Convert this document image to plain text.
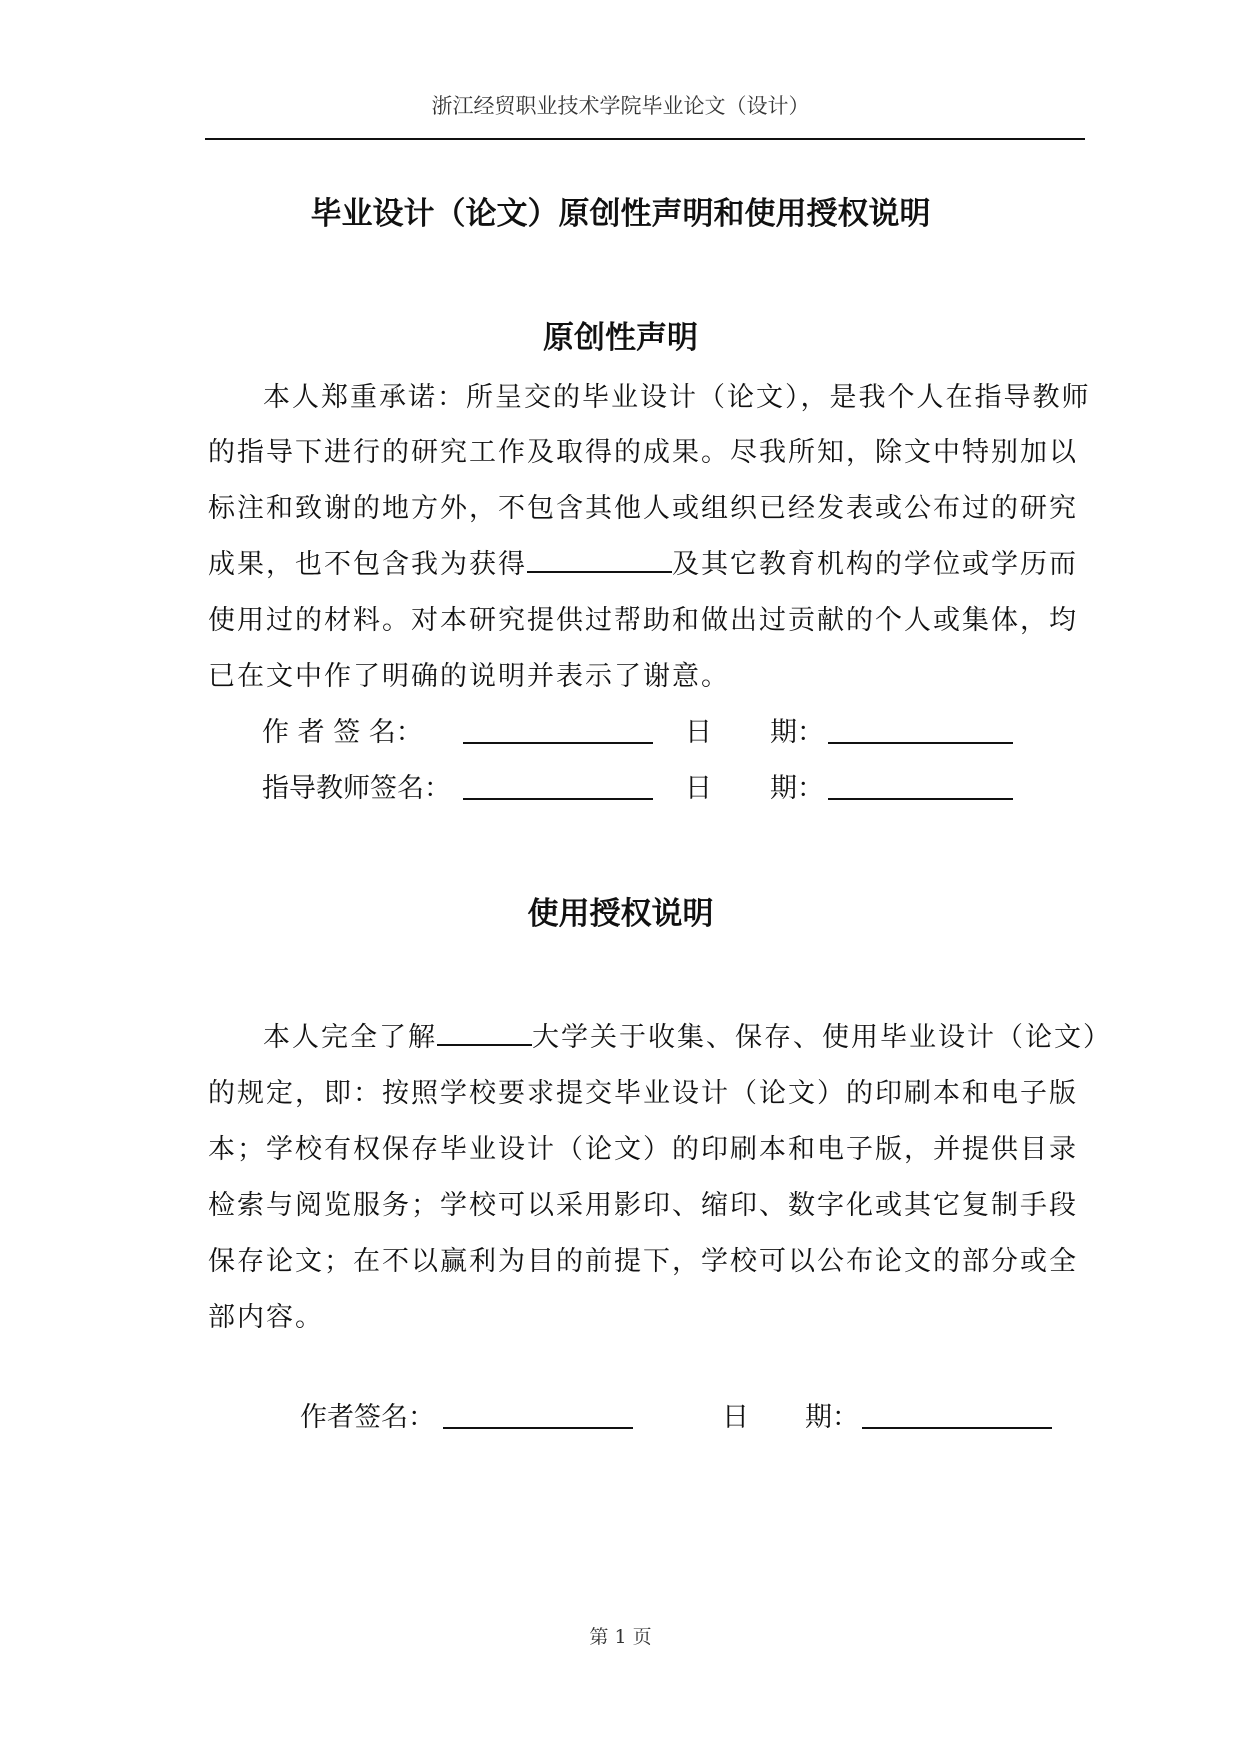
浙江经贸职业技术学院毕业论文（设计）
毕业设计（论文）原创性声明和使用授权说明
原创性声明
本人郑重承诺：所呈交的毕业设计（论文），是我个人在指导教师
的指导下进行的研究工作及取得的成果。尽我所知，除文中特别加以
标注和致谢的地方外，不包含其他人或组织已经发表或公布过的研究
成果，也不包含我为获得	及其它教育机构的学位或学历而
使用过的材料。对本研究提供过帮助和做出过贡献的个人或集体，均
已在文中作了明确的说明并表示了谢意。
作 者 签 名：	日 期：
指导教师签名：	日 期：
使用授权说明
本人完全了解	大学关于收集、保存、使用毕业设计（论文）
的规定，即：按照学校要求提交毕业设计（论文）的印刷本和电子版
本；学校有权保存毕业设计（论文）的印刷本和电子版，并提供目录
检索与阅览服务；学校可以采用影印、缩印、数字化或其它复制手段
保存论文；在不以赢利为目的前提下，学校可以公布论文的部分或全
部内容。
作者签名：	日 期：
第 1 页
